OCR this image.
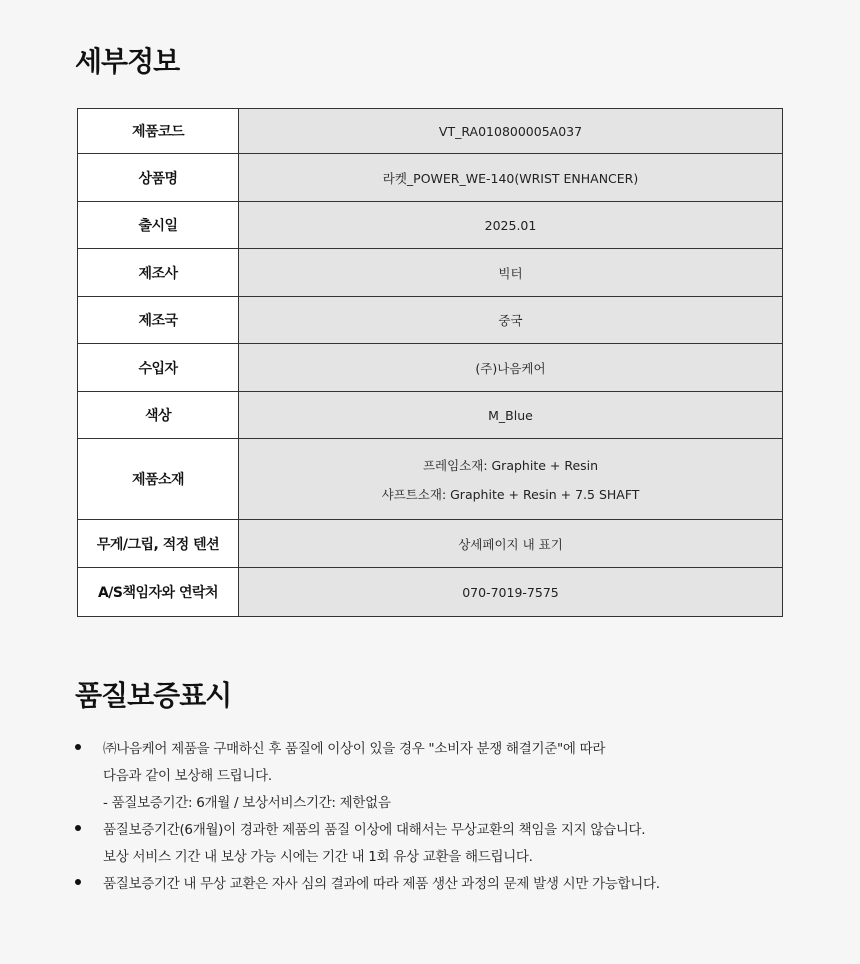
세부정보
제품코드	VT_RA010800005A037

상품명	라켓_POWER_WE-140(WRIST ENHANCER)

출시일	2025.01

제조사	빅터

제조국	중국

수입자	(주)나음케어

색상	M_Blue

제품소재	프레임소재: Graphite + Resin
샤프트소재: Graphite + Resin + 7.5 SHAFT

무게/그립, 적정 텐션	상세페이지 내 표기

A/S책임자와 연락처	070-7019-7575
품질보증표시
㈜나음케어 제품을 구매하신 후 품질에 이상이 있을 경우 "소비자 분쟁 해결기준"에 따라
다음과 같이 보상해 드립니다.
- 품질보증기간: 6개월 / 보상서비스기간: 제한없음
품질보증기간(6개월)이 경과한 제품의 품질 이상에 대해서는 무상교환의 책임을 지지 않습니다.
보상 서비스 기간 내 보상 가능 시에는 기간 내 1회 유상 교환을 해드립니다.
품질보증기간 내 무상 교환은 자사 심의 결과에 따라 제품 생산 과정의 문제 발생 시만 가능합니다.
